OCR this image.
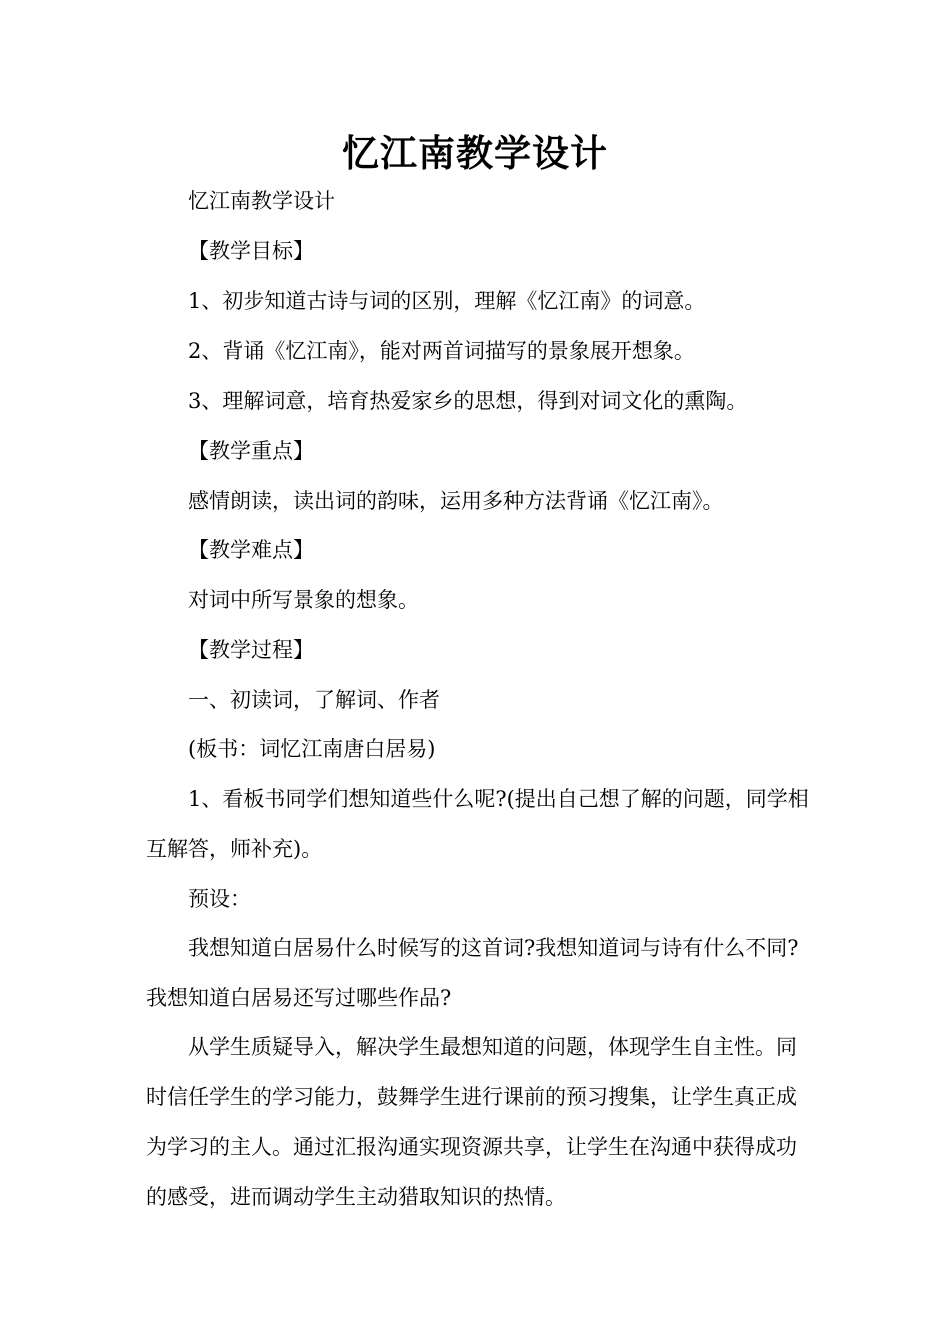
忆江南教学设计
忆江南教学设计
【教学目标】
1、初步知道古诗与词的区别，理解《忆江南》的词意。
2、背诵《忆江南》，能对两首词描写的景象展开想象。
3、理解词意，培育热爱家乡的思想，得到对词文化的熏陶。
【教学重点】
感情朗读，读出词的韵味，运用多种方法背诵《忆江南》。
【教学难点】
对词中所写景象的想象。
【教学过程】
一、初读词，了解词、作者
(板书：词忆江南唐白居易)
1、看板书同学们想知道些什么呢?(提出自己想了解的问题，同学相互解答，师补充)。
预设：
我想知道白居易什么时候写的这首词?我想知道词与诗有什么不同?我想知道白居易还写过哪些作品?
从学生质疑导入，解决学生最想知道的问题，体现学生自主性。同时信任学生的学习能力，鼓舞学生进行课前的预习搜集，让学生真正成为学习的主人。通过汇报沟通实现资源共享，让学生在沟通中获得成功的感受，进而调动学生主动猎取知识的热情。
